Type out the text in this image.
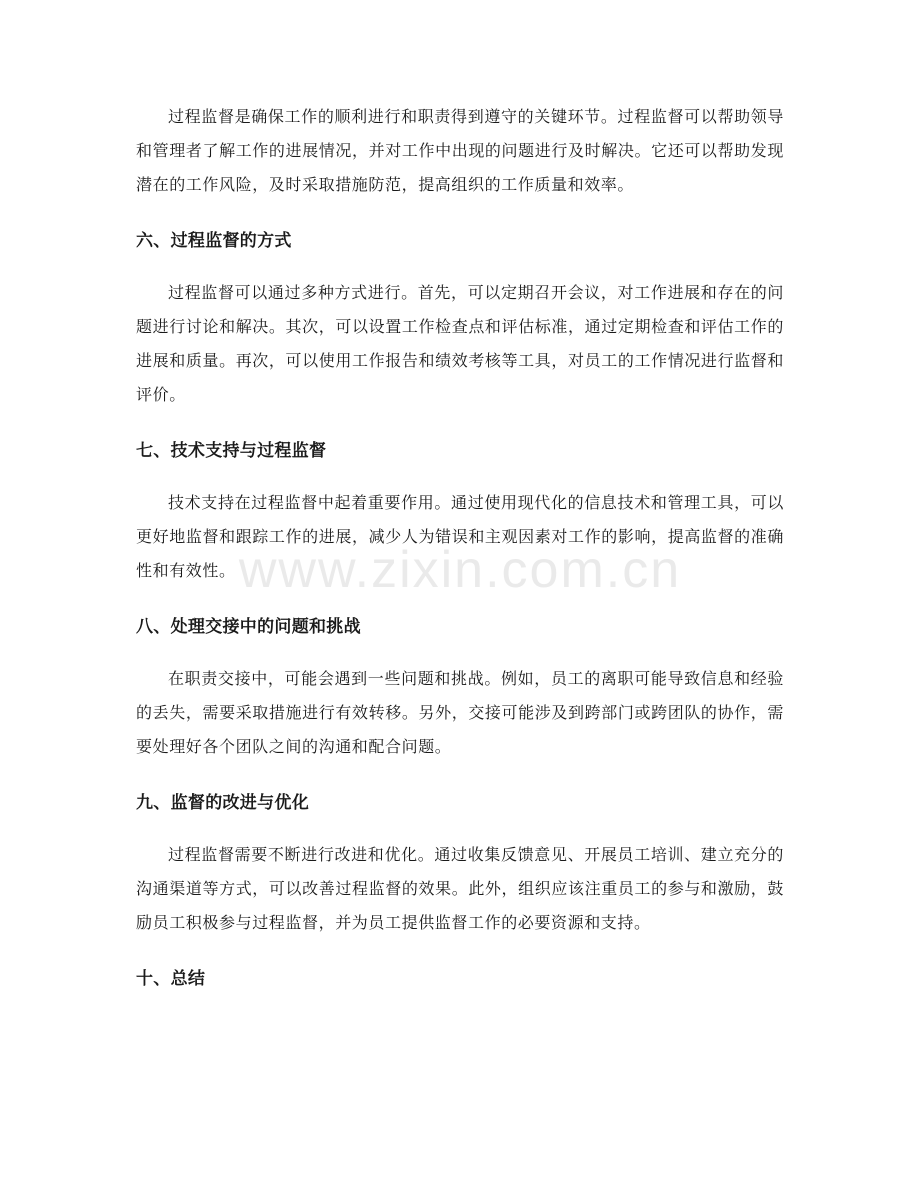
过程监督是确保工作的顺利进行和职责得到遵守的关键环节。过程监督可以帮助领导和管理者了解工作的进展情况，并对工作中出现的问题进行及时解决。它还可以帮助发现潜在的工作风险，及时采取措施防范，提高组织的工作质量和效率。

六、过程监督的方式

过程监督可以通过多种方式进行。首先，可以定期召开会议，对工作进展和存在的问题进行讨论和解决。其次，可以设置工作检查点和评估标准，通过定期检查和评估工作的进展和质量。再次，可以使用工作报告和绩效考核等工具，对员工的工作情况进行监督和评价。

七、技术支持与过程监督

技术支持在过程监督中起着重要作用。通过使用现代化的信息技术和管理工具，可以更好地监督和跟踪工作的进展，减少人为错误和主观因素对工作的影响，提高监督的准确性和有效性。

八、处理交接中的问题和挑战

在职责交接中，可能会遇到一些问题和挑战。例如，员工的离职可能导致信息和经验的丢失，需要采取措施进行有效转移。另外，交接可能涉及到跨部门或跨团队的协作，需要处理好各个团队之间的沟通和配合问题。

九、监督的改进与优化

过程监督需要不断进行改进和优化。通过收集反馈意见、开展员工培训、建立充分的沟通渠道等方式，可以改善过程监督的效果。此外，组织应该注重员工的参与和激励，鼓励员工积极参与过程监督，并为员工提供监督工作的必要资源和支持。

十、总结
www.zixin.com.cn
